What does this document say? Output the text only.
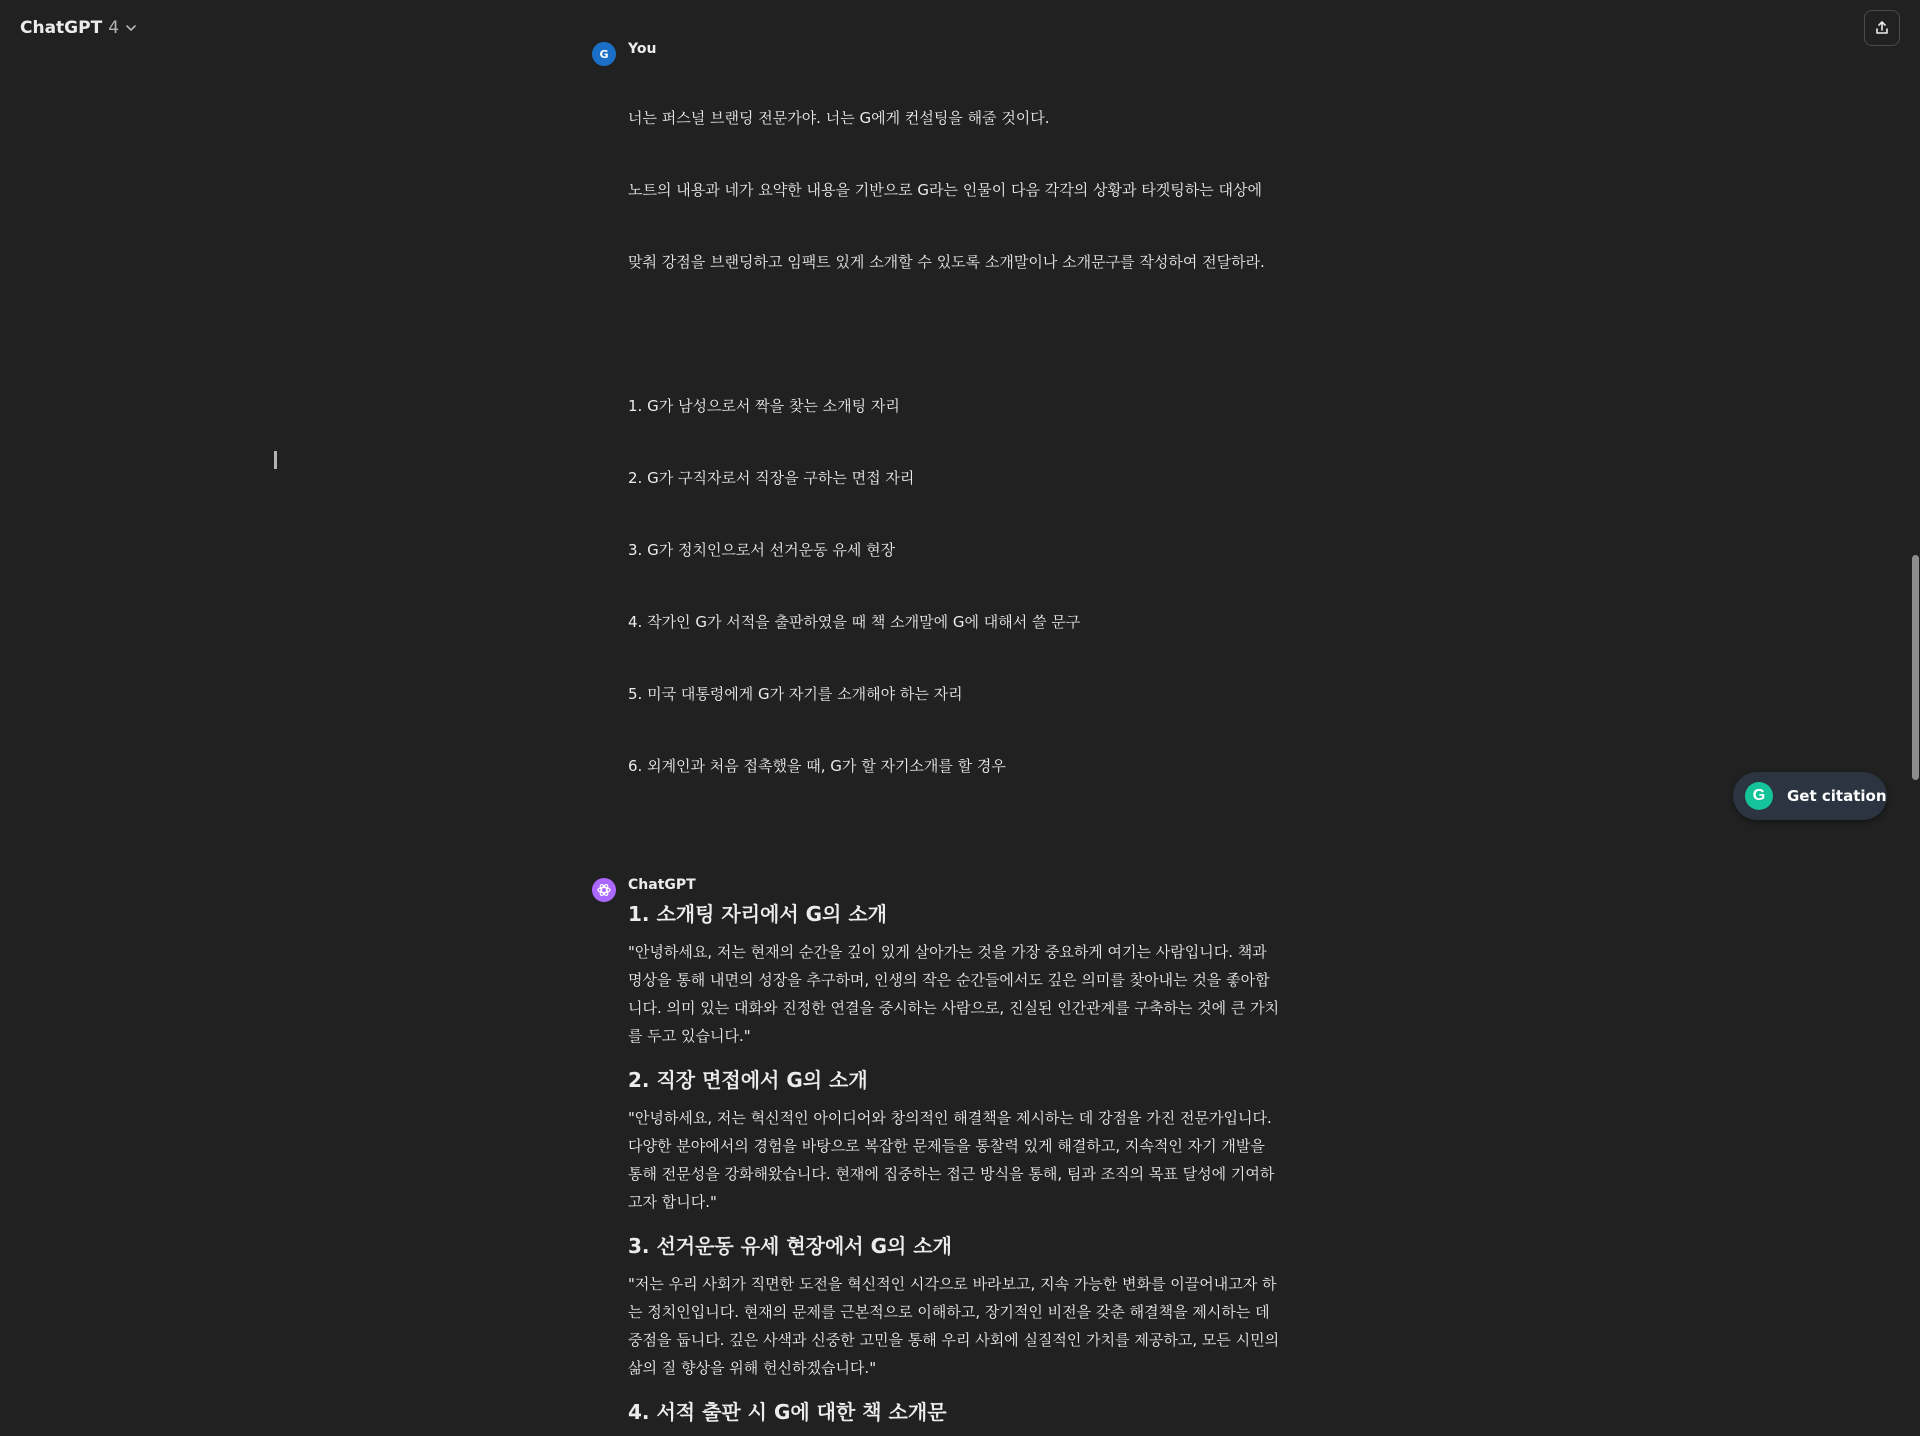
ChatGPT 4
G	You

너는 퍼스널 브랜딩 전문가야. 너는 G에게 컨설팅을 해줄 것이다.

노트의 내용과 네가 요약한 내용을 기반으로 G라는 인물이 다음 각각의 상황과 타겟팅하는 대상에

맞춰 강점을 브랜딩하고 임팩트 있게 소개할 수 있도록 소개말이나 소개문구를 작성하여 전달하라.

1. G가 남성으로서 짝을 찾는 소개팅 자리

2. G가 구직자로서 직장을 구하는 면접 자리

3. G가 정치인으로서 선거운동 유세 현장

4. 작가인 G가 서적을 출판하였을 때 책 소개말에 G에 대해서 쓸 문구

5. 미국 대통령에게 G가 자기를 소개해야 하는 자리

6. 외계인과 처음 접촉했을 때, G가 할 자기소개를 할 경우

ChatGPT
1. 소개팅 자리에서 G의 소개
"안녕하세요, 저는 현재의 순간을 깊이 있게 살아가는 것을 가장 중요하게 여기는 사람입니다. 책과
명상을 통해 내면의 성장을 추구하며, 인생의 작은 순간들에서도 깊은 의미를 찾아내는 것을 좋아합
니다. 의미 있는 대화와 진정한 연결을 중시하는 사람으로, 진실된 인간관계를 구축하는 것에 큰 가치
를 두고 있습니다."
2. 직장 면접에서 G의 소개
"안녕하세요, 저는 혁신적인 아이디어와 창의적인 해결책을 제시하는 데 강점을 가진 전문가입니다.
다양한 분야에서의 경험을 바탕으로 복잡한 문제들을 통찰력 있게 해결하고, 지속적인 자기 개발을
통해 전문성을 강화해왔습니다. 현재에 집중하는 접근 방식을 통해, 팀과 조직의 목표 달성에 기여하
고자 합니다."
3. 선거운동 유세 현장에서 G의 소개
"저는 우리 사회가 직면한 도전을 혁신적인 시각으로 바라보고, 지속 가능한 변화를 이끌어내고자 하
는 정치인입니다. 현재의 문제를 근본적으로 이해하고, 장기적인 비전을 갖춘 해결책을 제시하는 데
중점을 둡니다. 깊은 사색과 신중한 고민을 통해 우리 사회에 실질적인 가치를 제공하고, 모든 시민의
삶의 질 향상을 위해 헌신하겠습니다."
4. 서적 출판 시 G에 대한 책 소개문
G	Get citation
